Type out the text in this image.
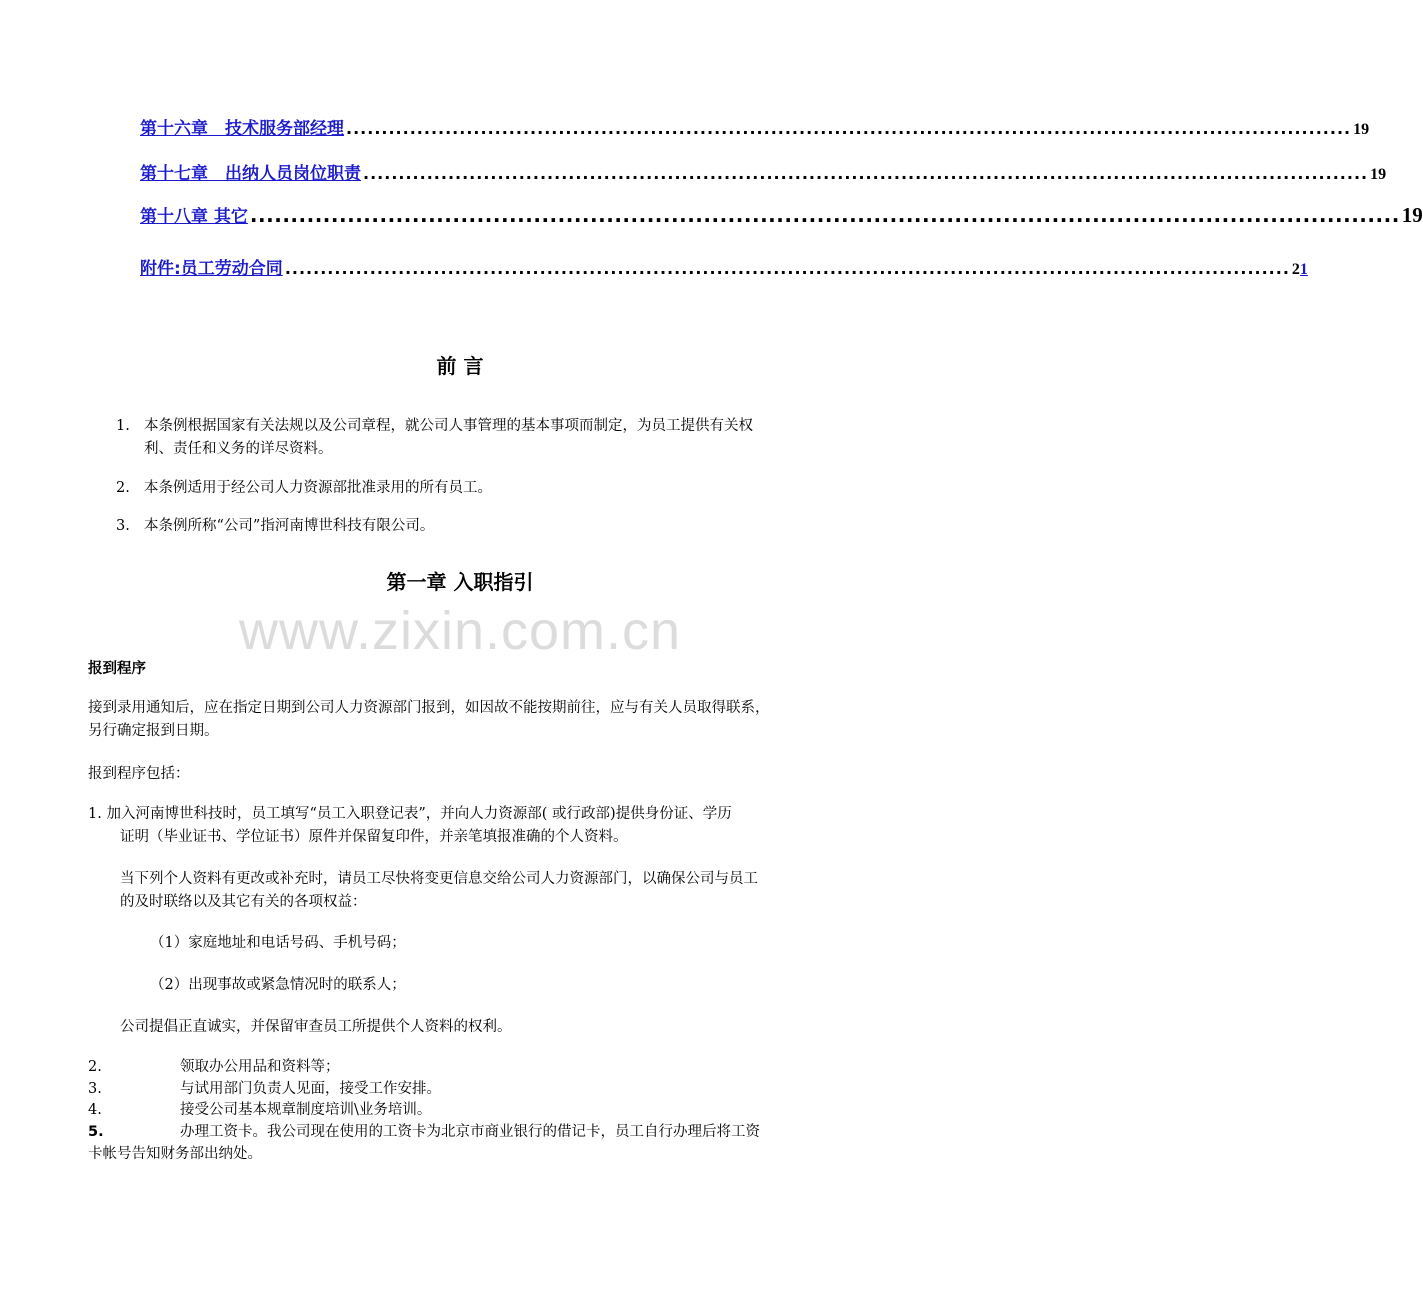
第十六章　技术服务部经理 .............................................................................................................................................. 19
第十七章　出纳人员岗位职责 .............................................................................................................................................. 19
第十八章 其它 .............................................................................................................................................. 19
附件:员工劳动合同 .............................................................................................................................................. 21
前 言
1. 本条例根据国家有关法规以及公司章程，就公司人事管理的基本事项而制定，为员工提供有关权
利、责任和义务的详尽资料。
2. 本条例适用于经公司人力资源部批准录用的所有员工。
3. 本条例所称“公司”指河南博世科技有限公司。
第一章 入职指引
www.zixin.com.cn
报到程序
接到录用通知后，应在指定日期到公司人力资源部门报到，如因故不能按期前往，应与有关人员取得联系，
另行确定报到日期。
报到程序包括：
1. 加入河南博世科技时，员工填写“员工入职登记表”，并向人力资源部( 或行政部)提供身份证、学历
证明（毕业证书、学位证书）原件并保留复印件，并亲笔填报准确的个人资料。
当下列个人资料有更改或补充时，请员工尽快将变更信息交给公司人力资源部门，以确保公司与员工
的及时联络以及其它有关的各项权益：
（1）家庭地址和电话号码、手机号码；
（2）出现事故或紧急情况时的联系人；
公司提倡正直诚实，并保留审查员工所提供个人资料的权利。
2.	领取办公用品和资料等；
3.	与试用部门负责人见面，接受工作安排。
4.	接受公司基本规章制度培训\业务培训。
5.	办理工资卡。我公司现在使用的工资卡为北京市商业银行的借记卡，员工自行办理后将工资
卡帐号告知财务部出纳处。
